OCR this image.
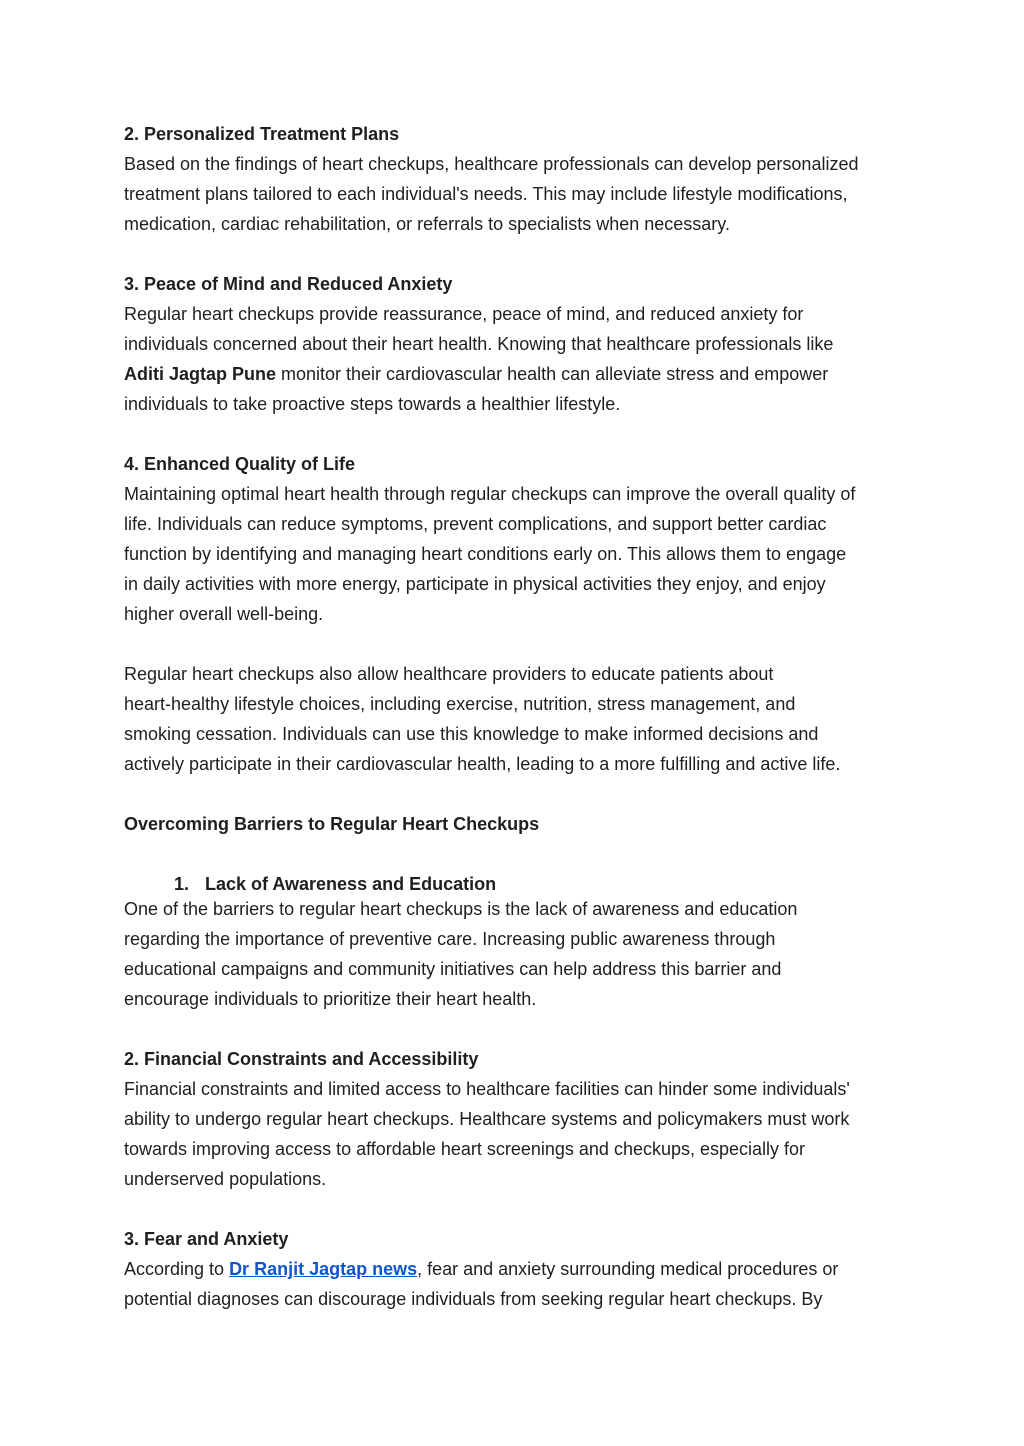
2. Personalized Treatment Plans
Based on the findings of heart checkups, healthcare professionals can develop personalized
treatment plans tailored to each individual's needs. This may include lifestyle modifications,
medication, cardiac rehabilitation, or referrals to specialists when necessary.
3. Peace of Mind and Reduced Anxiety
Regular heart checkups provide reassurance, peace of mind, and reduced anxiety for
individuals concerned about their heart health. Knowing that healthcare professionals like
Aditi Jagtap Pune monitor their cardiovascular health can alleviate stress and empower
individuals to take proactive steps towards a healthier lifestyle.
4. Enhanced Quality of Life
Maintaining optimal heart health through regular checkups can improve the overall quality of
life. Individuals can reduce symptoms, prevent complications, and support better cardiac
function by identifying and managing heart conditions early on. This allows them to engage
in daily activities with more energy, participate in physical activities they enjoy, and enjoy
higher overall well-being.
Regular heart checkups also allow healthcare providers to educate patients about
heart-healthy lifestyle choices, including exercise, nutrition, stress management, and
smoking cessation. Individuals can use this knowledge to make informed decisions and
actively participate in their cardiovascular health, leading to a more fulfilling and active life.
Overcoming Barriers to Regular Heart Checkups
1. Lack of Awareness and Education
One of the barriers to regular heart checkups is the lack of awareness and education
regarding the importance of preventive care. Increasing public awareness through
educational campaigns and community initiatives can help address this barrier and
encourage individuals to prioritize their heart health.
2. Financial Constraints and Accessibility
Financial constraints and limited access to healthcare facilities can hinder some individuals'
ability to undergo regular heart checkups. Healthcare systems and policymakers must work
towards improving access to affordable heart screenings and checkups, especially for
underserved populations.
3. Fear and Anxiety
According to Dr Ranjit Jagtap news, fear and anxiety surrounding medical procedures or
potential diagnoses can discourage individuals from seeking regular heart checkups. By
